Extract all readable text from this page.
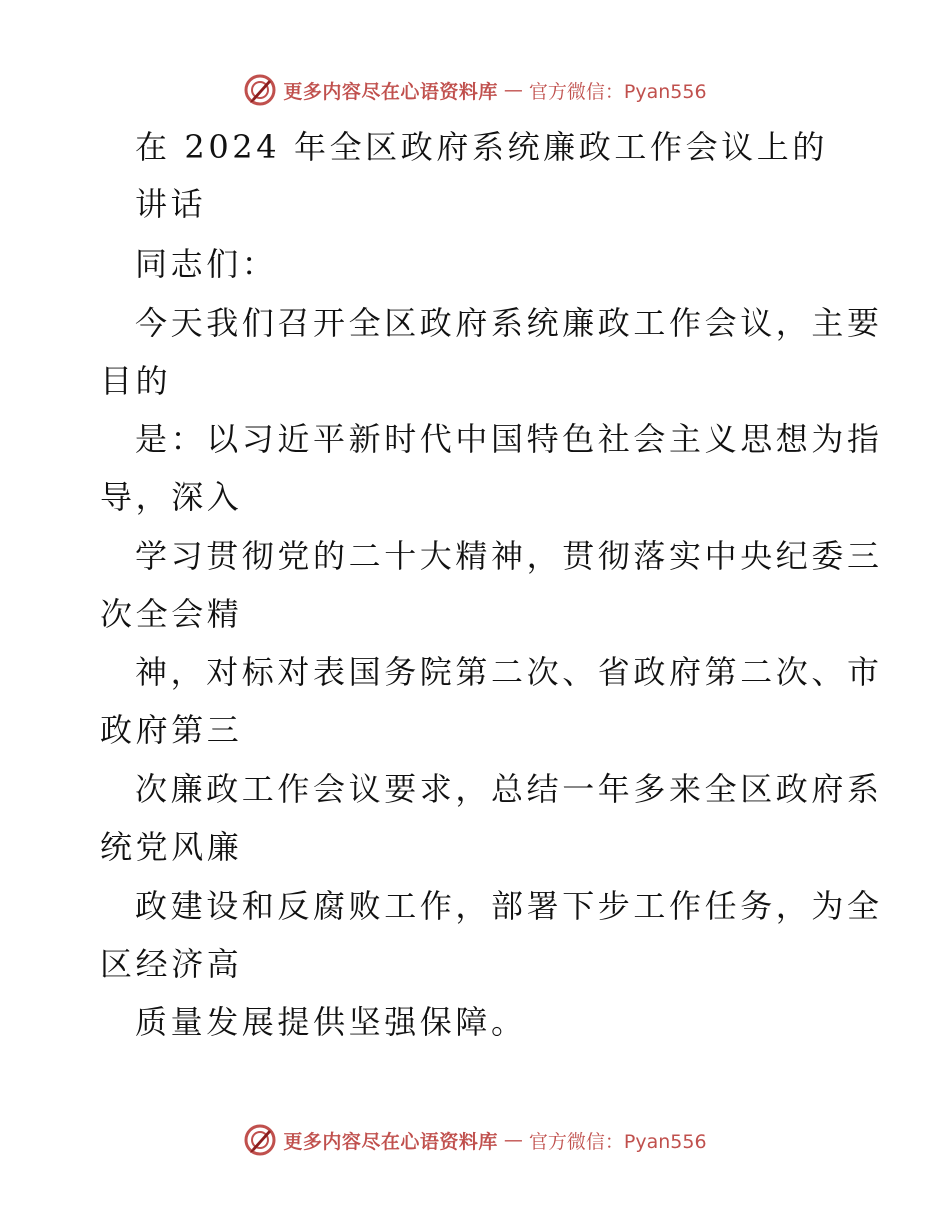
更多内容尽在心语资料库 — 官方微信：Pyan556
在 2024 年全区政府系统廉政工作会议上的
讲话
同志们：
今天我们召开全区政府系统廉政工作会议，主要
目的
是：以习近平新时代中国特色社会主义思想为指
导，深入
学习贯彻党的二十大精神，贯彻落实中央纪委三
次全会精
神，对标对表国务院第二次、省政府第二次、市
政府第三
次廉政工作会议要求，总结一年多来全区政府系
统党风廉
政建设和反腐败工作，部署下步工作任务，为全
区经济高
质量发展提供坚强保障。
更多内容尽在心语资料库 — 官方微信：Pyan556
